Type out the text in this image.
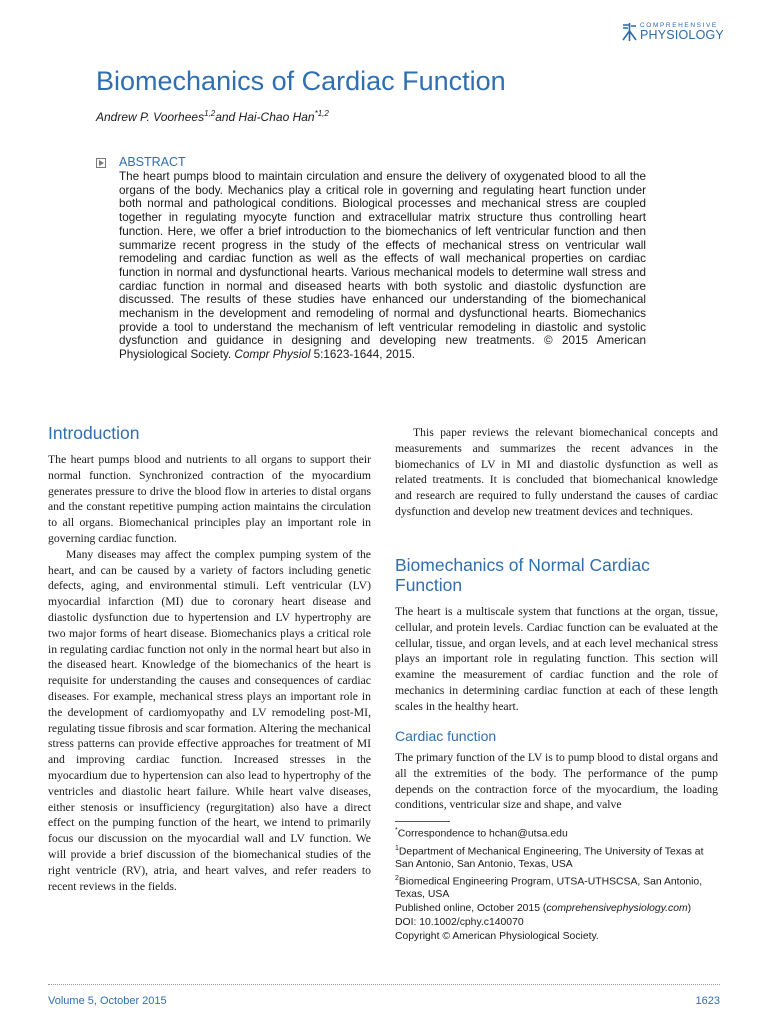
COMPREHENSIVE
PHYSIOLOGY
Biomechanics of Cardiac Function
Andrew P. Voorhees$^{1,2}$and Hai-Chao Han$^{*1,2}$
ABSTRACT
The heart pumps blood to maintain circulation and ensure the delivery of oxygenated blood to all the organs of the body. Mechanics play a critical role in governing and regulating heart function under both normal and pathological conditions. Biological processes and mechanical stress are coupled together in regulating myocyte function and extracellular matrix structure thus controlling heart function. Here, we offer a brief introduction to the biomechanics of left ventricular function and then summarize recent progress in the study of the effects of mechanical stress on ventricular wall remodeling and cardiac function as well as the effects of wall mechanical properties on cardiac function in normal and dysfunctional hearts. Various mechanical models to determine wall stress and cardiac function in normal and diseased hearts with both systolic and diastolic dysfunction are discussed. The results of these studies have enhanced our understanding of the biomechanical mechanism in the development and remodeling of normal and dysfunctional hearts. Biomechanics provide a tool to understand the mechanism of left ventricular remodeling in diastolic and systolic dysfunction and guidance in designing and developing new treatments. © 2015 American Physiological Society. Compr Physiol 5:1623-1644, 2015.
Introduction

The heart pumps blood and nutrients to all organs to support their normal function. Synchronized contraction of the myocardium generates pressure to drive the blood flow in arteries to distal organs and the constant repetitive pumping action maintains the circulation to all organs. Biomechanical principles play an important role in governing cardiac function.

Many diseases may affect the complex pumping system of the heart, and can be caused by a variety of factors including genetic defects, aging, and environmental stimuli. Left ventricular (LV) myocardial infarction (MI) due to coronary heart disease and diastolic dysfunction due to hypertension and LV hypertrophy are two major forms of heart disease. Biomechanics plays a critical role in regulating cardiac function not only in the normal heart but also in the diseased heart. Knowledge of the biomechanics of the heart is requisite for understanding the causes and consequences of cardiac diseases. For example, mechanical stress plays an important role in the development of cardiomyopathy and LV remodeling post-MI, regulating tissue fibrosis and scar formation. Altering the mechanical stress patterns can provide effective approaches for treatment of MI and improving cardiac function. Increased stresses in the myocardium due to hypertension can also lead to hypertrophy of the ventricles and diastolic heart failure. While heart valve diseases, either stenosis or insufficiency (regurgitation) also have a direct effect on the pumping function of the heart, we intend to primarily focus our discussion on the myocardial wall and LV function. We will provide a brief discussion of the biomechanical studies of the right ventricle (RV), atria, and heart valves, and refer readers to recent reviews in the fields.

This paper reviews the relevant biomechanical concepts and measurements and summarizes the recent advances in the biomechanics of LV in MI and diastolic dysfunction as well as related treatments. It is concluded that biomechanical knowledge and research are required to fully understand the causes of cardiac dysfunction and develop new treatment devices and techniques.
Biomechanics of Normal Cardiac Function
The heart is a multiscale system that functions at the organ, tissue, cellular, and protein levels. Cardiac function can be evaluated at the cellular, tissue, and organ levels, and at each level mechanical stress plays an important role in regulating function. This section will examine the measurement of cardiac function and the role of mechanics in determining cardiac function at each of these length scales in the healthy heart.
Cardiac function
The primary function of the LV is to pump blood to distal organs and all the extremities of the body. The performance of the pump depends on the contraction force of the myocardium, the loading conditions, ventricular size and shape, and valve
*Correspondence to hchan@utsa.edu
$^1$Department of Mechanical Engineering, The University of Texas at San Antonio, San Antonio, Texas, USA
$^2$Biomedical Engineering Program, UTSA-UTHSCSA, San Antonio, Texas, USA
Published online, October 2015 (comprehensivephysiology.com)
DOI: 10.1002/cphy.c140070
Copyright © American Physiological Society.
Volume 5, October 2015	1623
